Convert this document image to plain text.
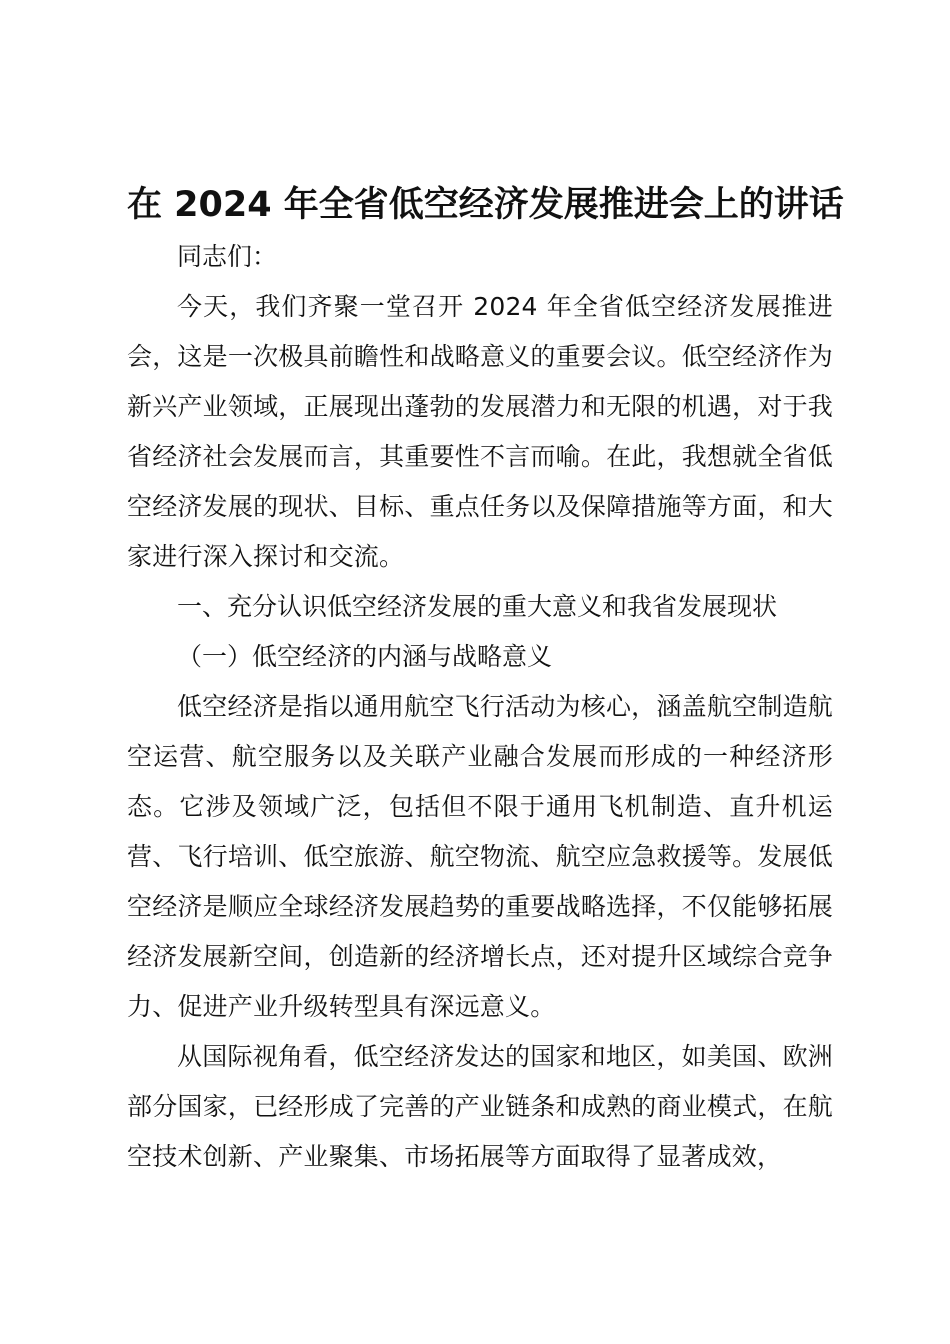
在 2024 年全省低空经济发展推进会上的讲话

同志们：

今天，我们齐聚一堂召开 2024 年全省低空经济发展推进会，这是一次极具前瞻性和战略意义的重要会议。低空经济作为新兴产业领域，正展现出蓬勃的发展潜力和无限的机遇，对于我省经济社会发展而言，其重要性不言而喻。在此，我想就全省低空经济发展的现状、目标、重点任务以及保障措施等方面，和大家进行深入探讨和交流。

一、充分认识低空经济发展的重大意义和我省发展现状

（一）低空经济的内涵与战略意义

低空经济是指以通用航空飞行活动为核心，涵盖航空制造航空运营、航空服务以及关联产业融合发展而形成的一种经济形态。它涉及领域广泛，包括但不限于通用飞机制造、直升机运营、飞行培训、低空旅游、航空物流、航空应急救援等。发展低空经济是顺应全球经济发展趋势的重要战略选择，不仅能够拓展经济发展新空间，创造新的经济增长点，还对提升区域综合竞争力、促进产业升级转型具有深远意义。

从国际视角看，低空经济发达的国家和地区，如美国、欧洲部分国家，已经形成了完善的产业链条和成熟的商业模式，在航空技术创新、产业聚集、市场拓展等方面取得了显著成效，
